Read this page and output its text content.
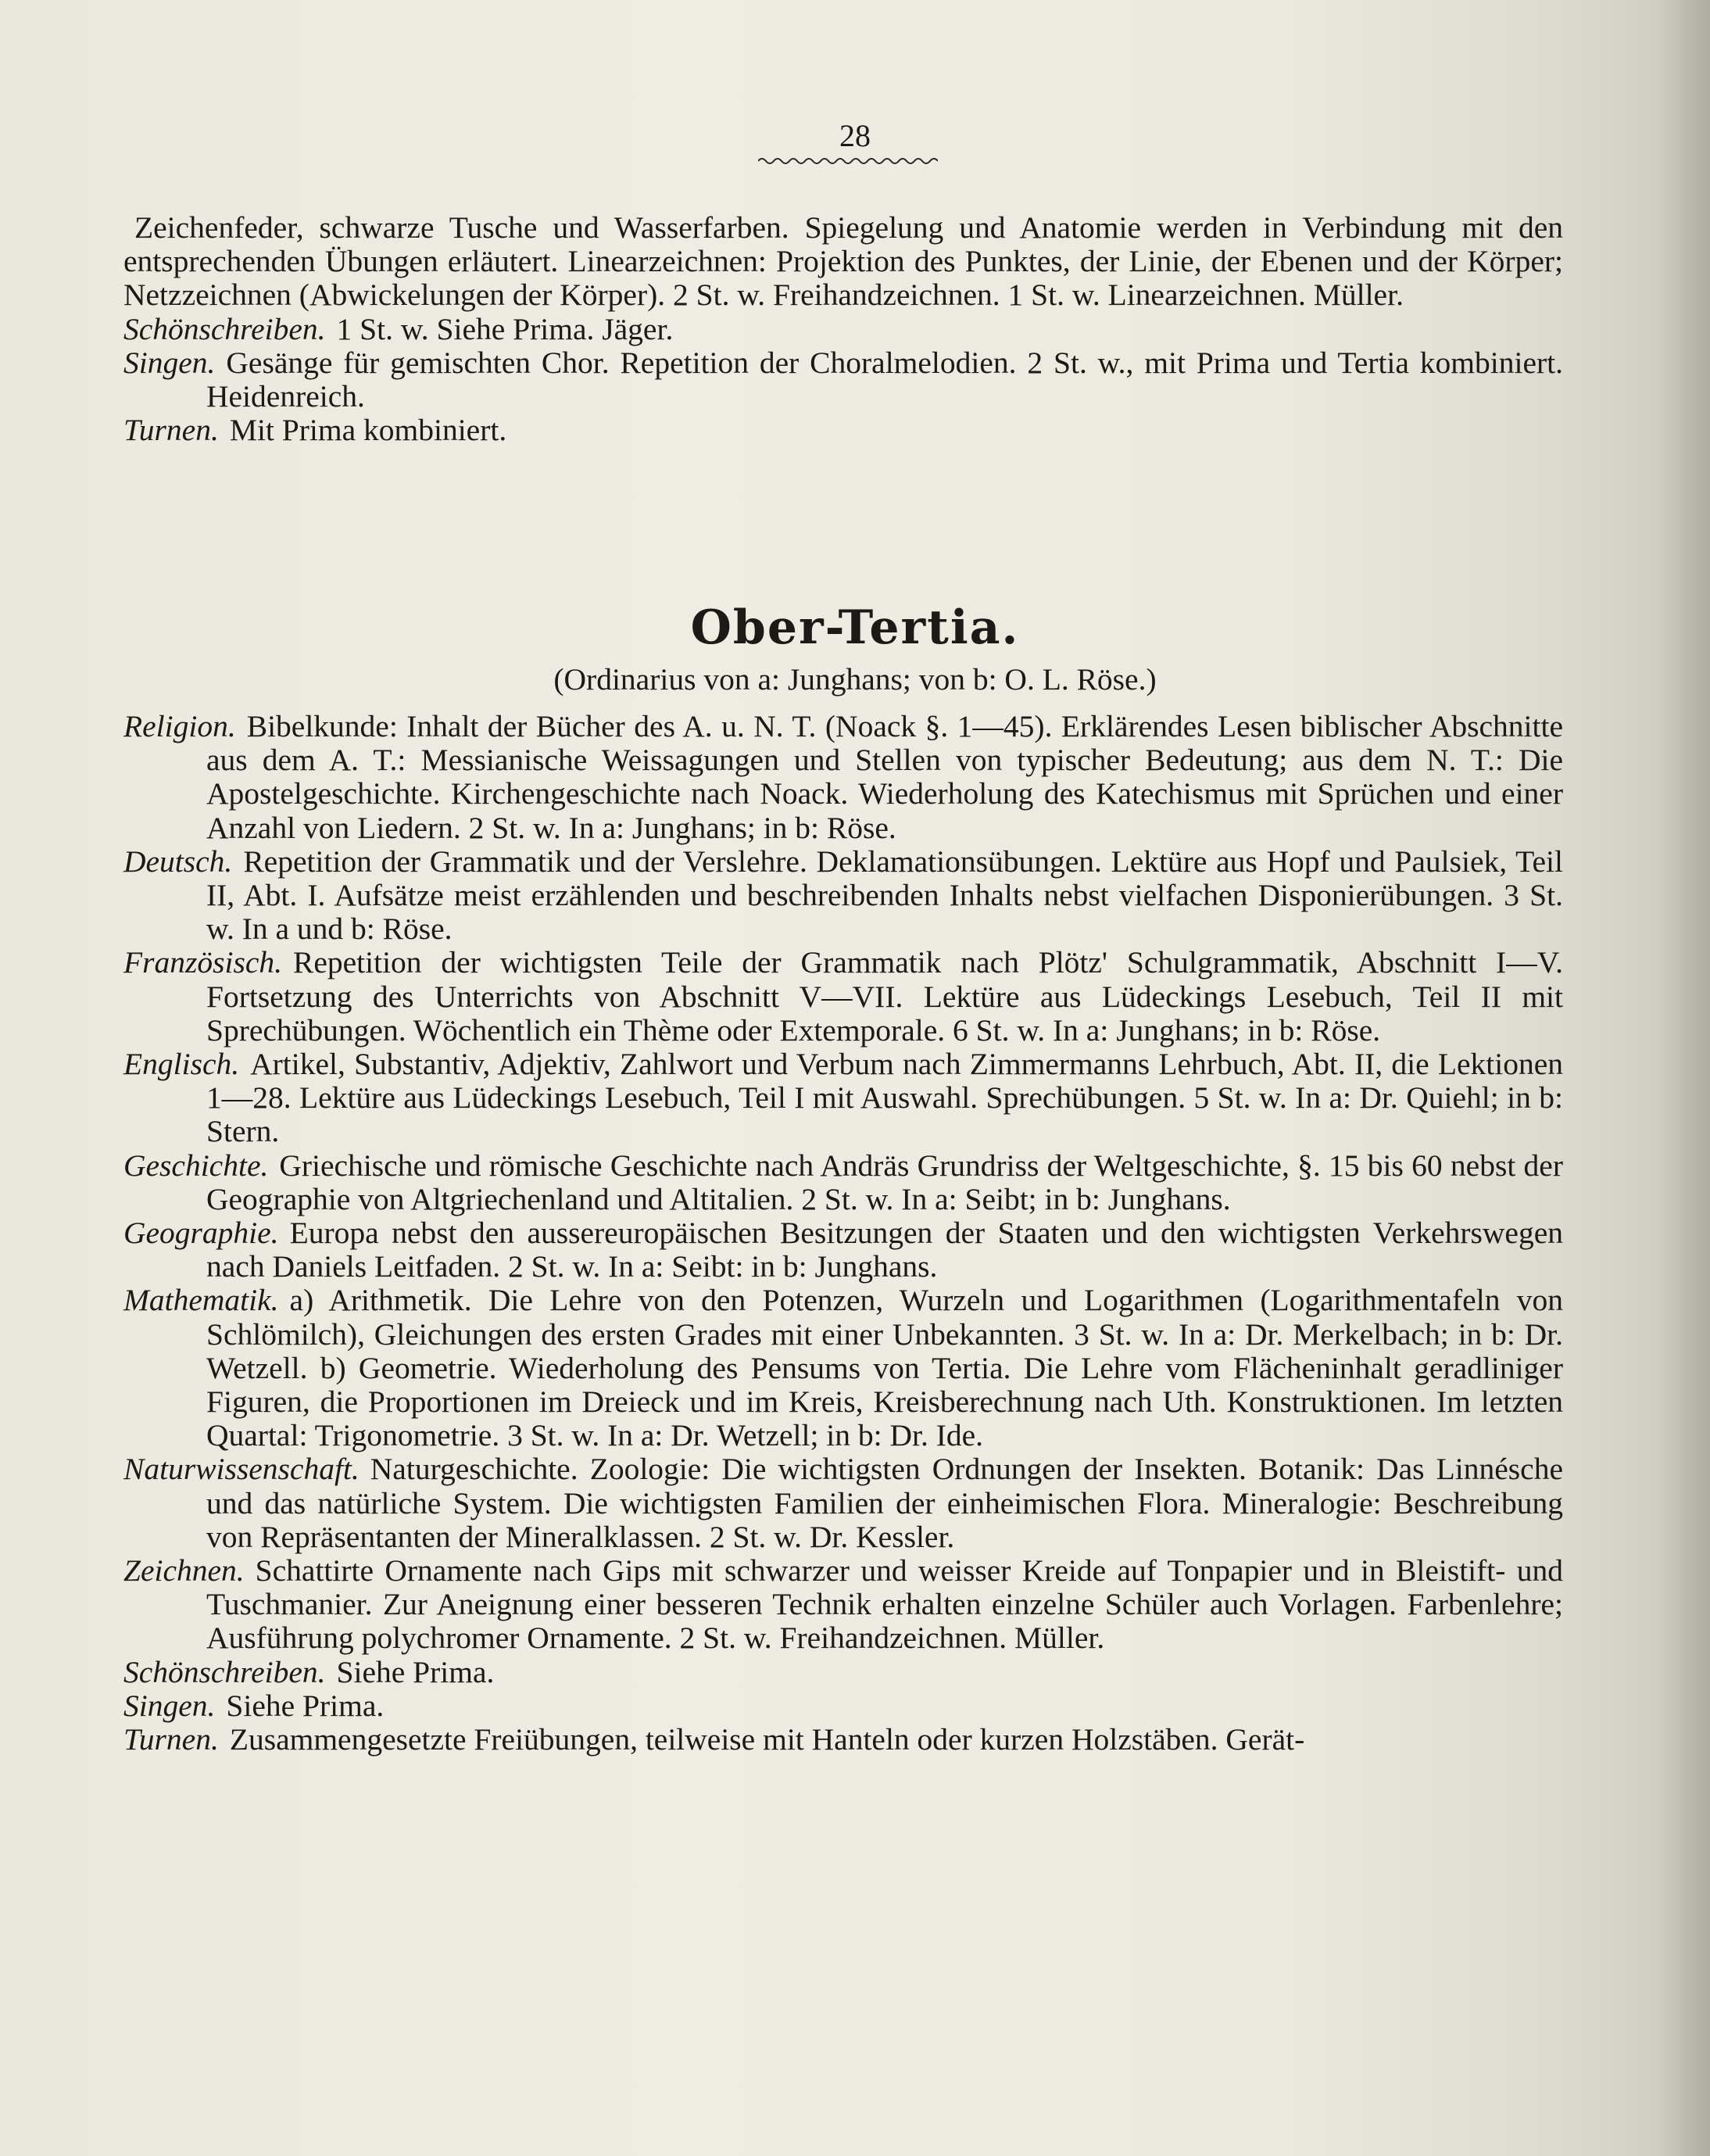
28

Zeichenfeder, schwarze Tusche und Wasserfarben. Spiegelung und Anatomie werden in Verbindung mit den entsprechenden Übungen erläutert. Linearzeichnen: Projektion des Punktes, der Linie, der Ebenen und der Körper; Netzzeichnen (Abwickelungen der Körper). 2 St. w. Freihandzeichnen. 1 St. w. Linearzeichnen. Müller.

Schönschreiben. 1 St. w. Siehe Prima. Jäger.

Singen. Gesänge für gemischten Chor. Repetition der Choralmelodien. 2 St. w., mit Prima und Tertia kombiniert. Heidenreich.

Turnen. Mit Prima kombiniert.

Ober-Tertia.
(Ordinarius von a: Junghans; von b: O. L. Röse.)

Religion. Bibelkunde: Inhalt der Bücher des A. u. N. T. (Noack §. 1—45). Erklärendes Lesen biblischer Abschnitte aus dem A. T.: Messianische Weissagungen und Stellen von typischer Bedeutung; aus dem N. T.: Die Apostelgeschichte. Kirchengeschichte nach Noack. Wiederholung des Katechismus mit Sprüchen und einer Anzahl von Liedern. 2 St. w. In a: Junghans; in b: Röse.

Deutsch. Repetition der Grammatik und der Verslehre. Deklamationsübungen. Lektüre aus Hopf und Paulsiek, Teil II, Abt. I. Aufsätze meist erzählenden und beschreibenden Inhalts nebst vielfachen Disponierübungen. 3 St. w. In a und b: Röse.

Französisch. Repetition der wichtigsten Teile der Grammatik nach Plötz' Schulgrammatik, Abschnitt I—V. Fortsetzung des Unterrichts von Abschnitt V—VII. Lektüre aus Lüdeckings Lesebuch, Teil II mit Sprechübungen. Wöchentlich ein Thème oder Extemporale. 6 St. w. In a: Junghans; in b: Röse.

Englisch. Artikel, Substantiv, Adjektiv, Zahlwort und Verbum nach Zimmermanns Lehrbuch, Abt. II, die Lektionen 1—28. Lektüre aus Lüdeckings Lesebuch, Teil I mit Auswahl. Sprechübungen. 5 St. w. In a: Dr. Quiehl; in b: Stern.

Geschichte. Griechische und römische Geschichte nach Andräs Grundriss der Weltgeschichte, §. 15 bis 60 nebst der Geographie von Altgriechenland und Altitalien. 2 St. w. In a: Seibt; in b: Junghans.

Geographie. Europa nebst den aussereuropäischen Besitzungen der Staaten und den wichtigsten Verkehrswegen nach Daniels Leitfaden. 2 St. w. In a: Seibt: in b: Junghans.

Mathematik. a) Arithmetik. Die Lehre von den Potenzen, Wurzeln und Logarithmen (Logarithmentafeln von Schlömilch), Gleichungen des ersten Grades mit einer Unbekannten. 3 St. w. In a: Dr. Merkelbach; in b: Dr. Wetzell. b) Geometrie. Wiederholung des Pensums von Tertia. Die Lehre vom Flächeninhalt geradliniger Figuren, die Proportionen im Dreieck und im Kreis, Kreisberechnung nach Uth. Konstruktionen. Im letzten Quartal: Trigonometrie. 3 St. w. In a: Dr. Wetzell; in b: Dr. Ide.

Naturwissenschaft. Naturgeschichte. Zoologie: Die wichtigsten Ordnungen der Insekten. Botanik: Das Linnésche und das natürliche System. Die wichtigsten Familien der einheimischen Flora. Mineralogie: Beschreibung von Repräsentanten der Mineralklassen. 2 St. w. Dr. Kessler.

Zeichnen. Schattirte Ornamente nach Gips mit schwarzer und weisser Kreide auf Tonpapier und in Bleistift- und Tuschmanier. Zur Aneignung einer besseren Technik erhalten einzelne Schüler auch Vorlagen. Farbenlehre; Ausführung polychromer Ornamente. 2 St. w. Freihandzeichnen. Müller.

Schönschreiben. Siehe Prima.

Singen. Siehe Prima.

Turnen. Zusammengesetzte Freiübungen, teilweise mit Hanteln oder kurzen Holzstäben. Gerät-
